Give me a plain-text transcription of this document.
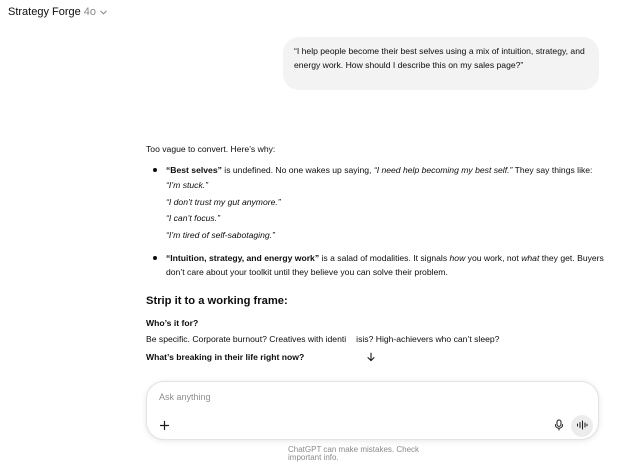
Strategy Forge 4o
“I help people become their best selves using a mix of intuition, strategy, and energy work. How should I describe this on my sales page?”

Too vague to convert. Here’s why:

“Best selves” is undefined. No one wakes up saying, “I need help becoming my best self.” They say things like:
“I’m stuck.”
“I don’t trust my gut anymore.”
“I can’t focus.”
“I’m tired of self-sabotaging.”
“Intuition, strategy, and energy work” is a salad of modalities. It signals how you work, not what they get. Buyers don’t care about your toolkit until they believe you can solve their problem.
Strip it to a working frame:
Who’s it for?
Be specific. Corporate burnout? Creatives with identi isis? High-achievers who can’t sleep?
What’s breaking in their life right now?
Ask anything
ChatGPT can make mistakes. Check important info.
